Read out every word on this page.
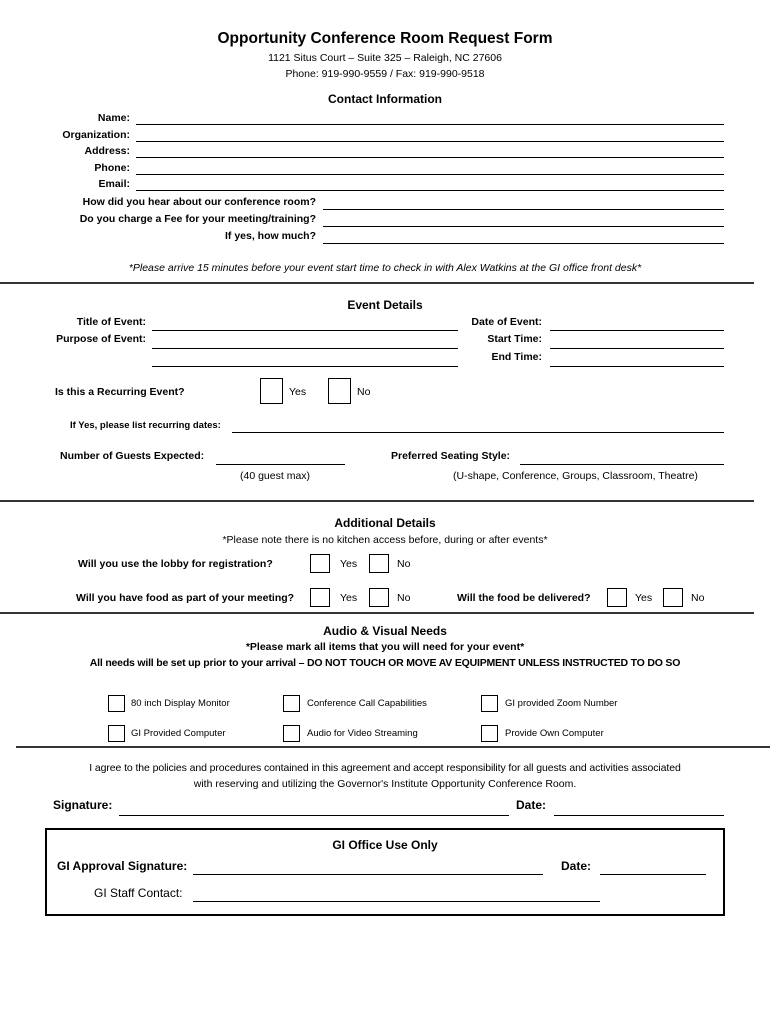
Opportunity Conference Room Request Form
1121 Situs Court – Suite 325 – Raleigh, NC 27606
Phone: 919-990-9559 / Fax: 919-990-9518
Contact Information
Name:
Organization:
Address:
Phone:
Email:
How did you hear about our conference room?
Do you charge a Fee for your meeting/training?
If yes, how much?
*Please arrive 15 minutes before your event start time to check in with Alex Watkins at the GI office front desk*
Event Details
Title of Event:
Purpose of Event:
Date of Event:
Start Time:
End Time:
Is this a Recurring Event?	Yes	No
If Yes, please list recurring dates:
Number of Guests Expected:
(40 guest max)
Preferred Seating Style:
(U-shape, Conference, Groups, Classroom, Theatre)
Additional Details
*Please note there is no kitchen access before, during or after events*
Will you use the lobby for registration?	Yes	No
Will you have food as part of your meeting?	Yes	No	Will the food be delivered?	Yes	No
Audio & Visual Needs
*Please mark all items that you will need for your event*
All needs will be set up prior to your arrival – DO NOT TOUCH OR MOVE AV EQUIPMENT UNLESS INSTRUCTED TO DO SO
80 inch Display Monitor	Conference Call Capabilities	GI provided Zoom Number
GI Provided Computer	Audio for Video Streaming	Provide Own Computer
I agree to the policies and procedures contained in this agreement and accept responsibility for all guests and activities associated
with reserving and utilizing the Governor's Institute Opportunity Conference Room.
Signature:	Date:
GI Office Use Only
GI Approval Signature:	Date:
GI Staff Contact:
